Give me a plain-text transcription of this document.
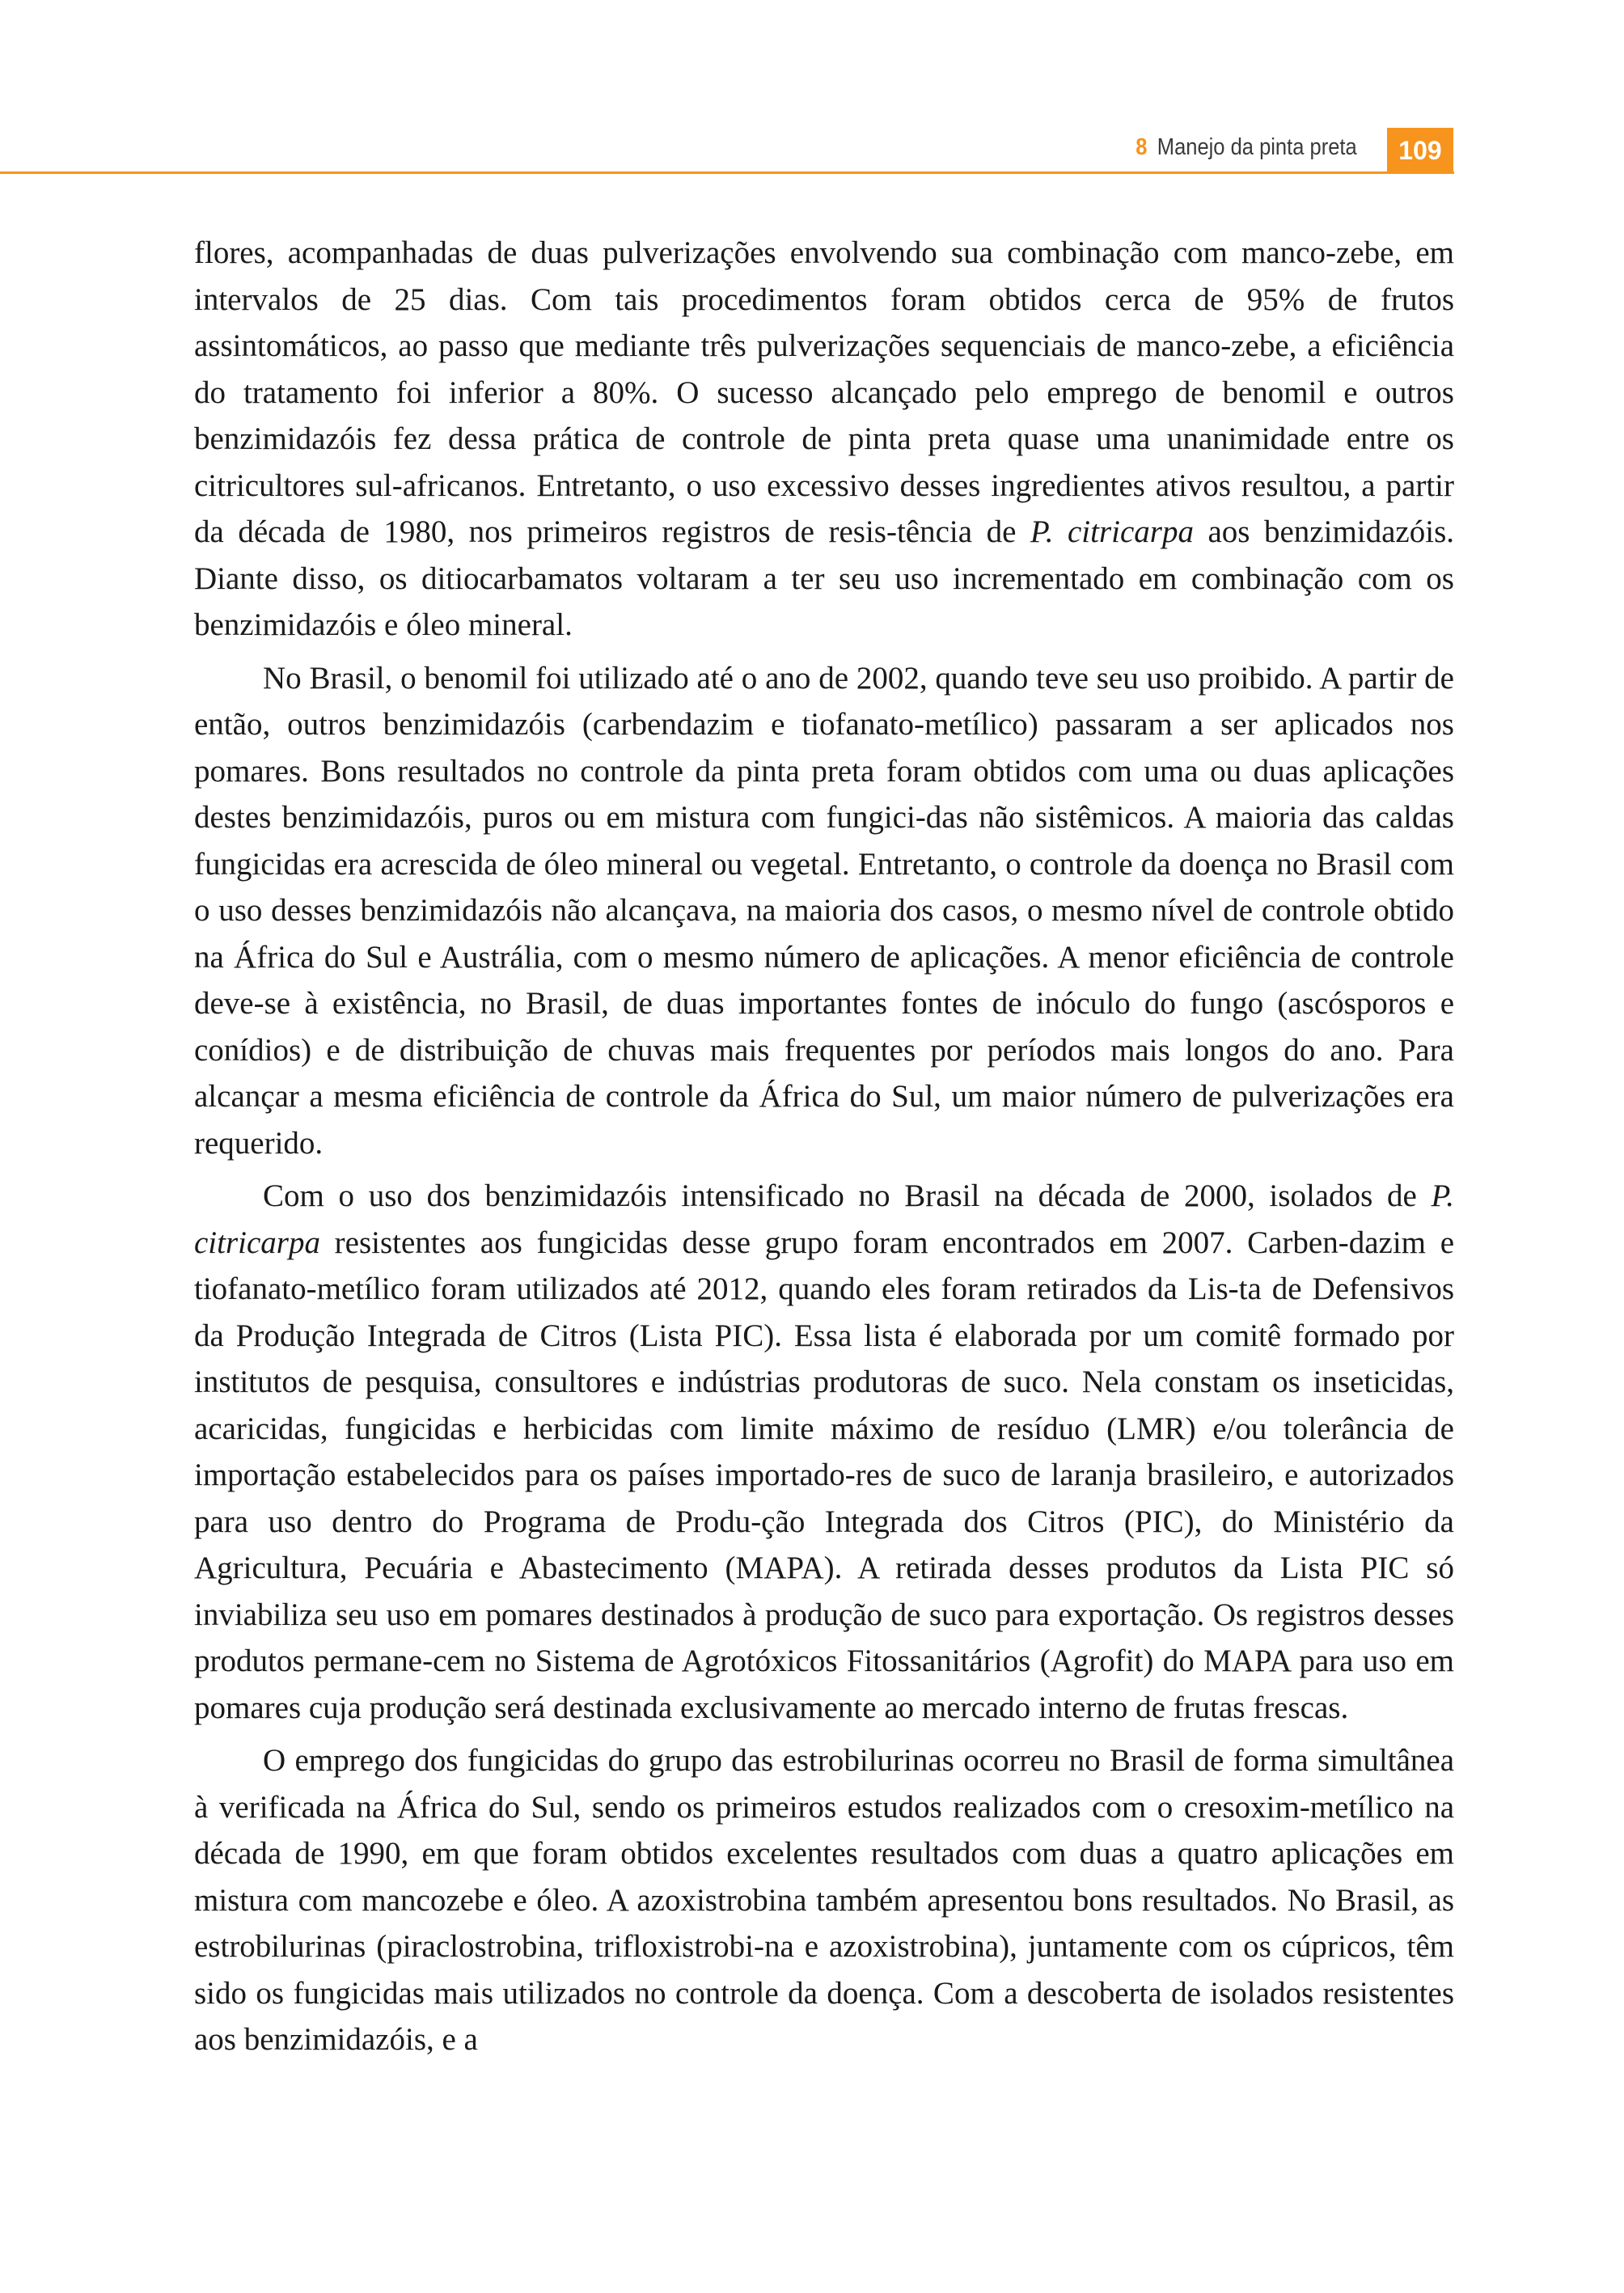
8 Manejo da pinta preta	109

flores, acompanhadas de duas pulverizações envolvendo sua combinação com manco-zebe, em intervalos de 25 dias. Com tais procedimentos foram obtidos cerca de 95% de frutos assintomáticos, ao passo que mediante três pulverizações sequenciais de manco-zebe, a eficiência do tratamento foi inferior a 80%. O sucesso alcançado pelo emprego de benomil e outros benzimidazóis fez dessa prática de controle de pinta preta quase uma unanimidade entre os citricultores sul-africanos. Entretanto, o uso excessivo desses ingredientes ativos resultou, a partir da década de 1980, nos primeiros registros de resis-tência de P. citricarpa aos benzimidazóis. Diante disso, os ditiocarbamatos voltaram a ter seu uso incrementado em combinação com os benzimidazóis e óleo mineral.

No Brasil, o benomil foi utilizado até o ano de 2002, quando teve seu uso proibido. A partir de então, outros benzimidazóis (carbendazim e tiofanato-metílico) passaram a ser aplicados nos pomares. Bons resultados no controle da pinta preta foram obtidos com uma ou duas aplicações destes benzimidazóis, puros ou em mistura com fungici-das não sistêmicos. A maioria das caldas fungicidas era acrescida de óleo mineral ou vegetal. Entretanto, o controle da doença no Brasil com o uso desses benzimidazóis não alcançava, na maioria dos casos, o mesmo nível de controle obtido na África do Sul e Austrália, com o mesmo número de aplicações. A menor eficiência de controle deve-se à existência, no Brasil, de duas importantes fontes de inóculo do fungo (ascósporos e conídios) e de distribuição de chuvas mais frequentes por períodos mais longos do ano. Para alcançar a mesma eficiência de controle da África do Sul, um maior número de pulverizações era requerido.

Com o uso dos benzimidazóis intensificado no Brasil na década de 2000, isolados de P. citricarpa resistentes aos fungicidas desse grupo foram encontrados em 2007. Carben-dazim e tiofanato-metílico foram utilizados até 2012, quando eles foram retirados da Lis-ta de Defensivos da Produção Integrada de Citros (Lista PIC). Essa lista é elaborada por um comitê formado por institutos de pesquisa, consultores e indústrias produtoras de suco. Nela constam os inseticidas, acaricidas, fungicidas e herbicidas com limite máximo de resíduo (LMR) e/ou tolerância de importação estabelecidos para os países importado-res de suco de laranja brasileiro, e autorizados para uso dentro do Programa de Produ-ção Integrada dos Citros (PIC), do Ministério da Agricultura, Pecuária e Abastecimento (MAPA). A retirada desses produtos da Lista PIC só inviabiliza seu uso em pomares destinados à produção de suco para exportação. Os registros desses produtos permane-cem no Sistema de Agrotóxicos Fitossanitários (Agrofit) do MAPA para uso em pomares cuja produção será destinada exclusivamente ao mercado interno de frutas frescas.

O emprego dos fungicidas do grupo das estrobilurinas ocorreu no Brasil de forma simultânea à verificada na África do Sul, sendo os primeiros estudos realizados com o cresoxim-metílico na década de 1990, em que foram obtidos excelentes resultados com duas a quatro aplicações em mistura com mancozebe e óleo. A azoxistrobina também apresentou bons resultados. No Brasil, as estrobilurinas (piraclostrobina, trifloxistrobi-na e azoxistrobina), juntamente com os cúpricos, têm sido os fungicidas mais utilizados no controle da doença. Com a descoberta de isolados resistentes aos benzimidazóis, e a
